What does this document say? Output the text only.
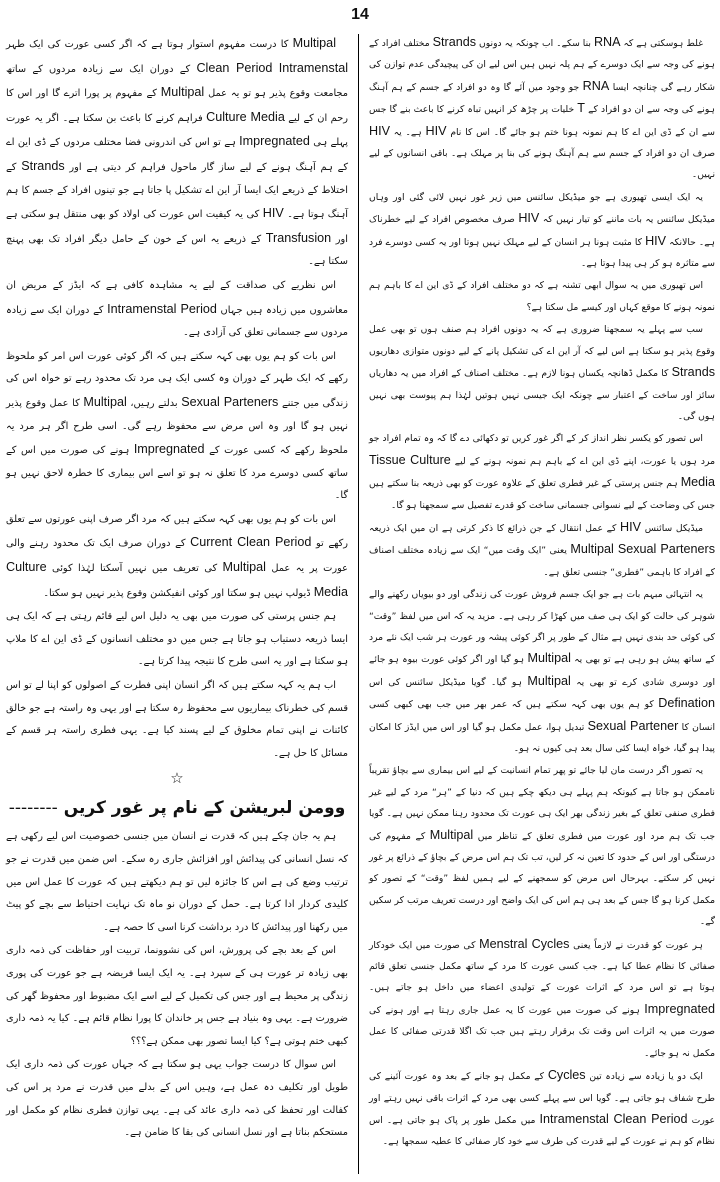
14

غلط ہوسکتی ہے کہ RNA بنا سکے۔ اب چونکہ یہ دونوں Strands مختلف افراد کے ہونے کی وجہ سے ایک دوسرے کے ہم پلہ نہیں ہیں اس لیے ان کی پیچیدگی عدم توازن کی شکار رہے گی چنانچہ ایسا RNA جو وجود میں آئے گا وہ دو افراد کے جسم کے ہم آہنگ ہونے کی وجہ سے ان دو افراد کے T خلیات پر چڑھ کر انہیں تباہ کرنے کا باعث بنے گا جس سے ان کے ڈی این اے کا ہم نمونہ ہونا ختم ہو جائے گا۔ اس کا نام HIV ہے۔ یہ HIV صرف ان دو افراد کے جسم سے ہم آہنگ ہونے کی بنا پر مہلک ہے۔ باقی انسانوں کے لیے نہیں۔

یہ ایک ایسی تھیوری ہے جو میڈیکل سائنس میں زیر غور نہیں لائی گئی اور وہاں میڈیکل سائنس یہ بات ماننے کو تیار نہیں کہ HIV صرف مخصوص افراد کے لیے خطرناک ہے۔ حالانکہ HIV کا مثبت ہونا ہر انسان کے لیے مہلک نہیں ہوتا اور یہ کسی دوسرے فرد سے متاثرہ ہو کر ہی پیدا ہوتا ہے۔

اس تھیوری میں یہ سوال ابھی تشنہ ہے کہ دو مختلف افراد کے ڈی این اے کا باہم ہم نمونہ ہونے کا موقع کہاں اور کیسے مل سکتا ہے؟

سب سے پہلے یہ سمجھنا ضروری ہے کہ یہ دونوں افراد ہم صنف ہوں تو بھی عمل وقوع پذیر ہو سکتا ہے اس لیے کہ آر این اے کی تشکیل پانے کے لیے دونوں متوازی دھاریوں Strands کا مکمل ڈھانچہ یکساں ہونا لازم ہے۔ مختلف اصناف کے افراد میں یہ دھاریاں سائز اور ساخت کے اعتبار سے چونکہ ایک جیسی نہیں ہوتیں لہٰذا ہم پیوست بھی نہیں ہوں گی۔

اس تصور کو یکسر نظر انداز کر کے اگر غور کریں تو دکھائی دے گا کہ وہ تمام افراد جو مرد ہوں یا عورت، اپنے ڈی این اے کے باہم ہم نمونہ ہونے کے لیے Tissue Culture Media ہم جنس پرستی کے غیر فطری تعلق کے علاوہ عورت کو بھی ذریعہ بنا سکتے ہیں جس کی وضاحت کے لیے نسوانی جسمانی ساخت کو قدرے تفصیل سے سمجھنا ہو گا۔

میڈیکل سائنس HIV کے عمل انتقال کے جن ذرائع کا ذکر کرتی ہے ان میں ایک ذریعہ Multipal Sexual Parteners یعنی ”ایک وقت میں“ ایک سے زیادہ مختلف اصناف کے افراد کا باہمی ”فطری“ جنسی تعلق ہے۔

یہ انتہائی مبہم بات ہے جو ایک جسم فروش عورت کی زندگی اور دو بیویاں رکھنے والے شوہر کی حالت کو ایک ہی صف میں کھڑا کر رہی ہے۔ مزید یہ کہ اس میں لفظ ”وقت“ کی کوئی حد بندی نہیں ہے مثال کے طور پر اگر کوئی پیشہ ور عورت ہر شب ایک نئے مرد کے ساتھ پیش ہو رہی ہے تو بھی یہ Multipal ہو گیا اور اگر کوئی عورت بیوہ ہو جائے اور دوسری شادی کرے تو بھی یہ Multipal ہو گیا۔ گویا میڈیکل سائنس کی اس Defination کو ہم یوں بھی کہہ سکتے ہیں کہ عمر بھر میں جب بھی کبھی کسی انسان کا Sexual Partener تبدیل ہوا، عمل مکمل ہو گیا اور اس میں ایڈز کا امکان پیدا ہو گیا، خواہ ایسا کئی سال بعد ہی کیوں نہ ہو۔

یہ تصور اگر درست مان لیا جائے تو پھر تمام انسانیت کے لیے اس بیماری سے بچاؤ تقریباً ناممکن ہو جاتا ہے کیونکہ ہم پہلے ہی دیکھ چکے ہیں کہ دنیا کے ”ہر“ مرد کے لیے غیر فطری صنفی تعلق کے بغیر زندگی بھر ایک ہی عورت تک محدود رہنا ممکن نہیں ہے۔ گویا جب تک ہم مرد اور عورت میں فطری تعلق کے تناظر میں Multipal کے مفہوم کی درستگی اور اس کے حدود کا تعین نہ کر لیں، تب تک ہم اس مرض کے بچاؤ کے ذرائع پر غور نہیں کر سکتے۔ بہرحال اس مرض کو سمجھنے کے لیے ہمیں لفظ ”وقت“ کے تصور کو مکمل کرنا ہو گا جس کے بعد ہی ہم اس کی ایک واضح اور درست تعریف مرتب کر سکیں گے۔

ہر عورت کو قدرت نے لازماً یعنی Menstral Cycles کی صورت میں ایک خودکار صفائی کا نظام عطا کیا ہے۔ جب کسی عورت کا مرد کے ساتھ مکمل جنسی تعلق قائم ہوتا ہے تو اس مرد کے اثرات عورت کے تولیدی اعضاء میں داخل ہو جاتے ہیں۔ Impregnated ہونے کی صورت میں عورت کا یہ عمل جاری رہتا ہے اور ہونے کی صورت میں یہ اثرات اس وقت تک برقرار رہتے ہیں جب تک اگلا قدرتی صفائی کا عمل مکمل نہ ہو جائے۔

ایک دو یا زیادہ سے زیادہ تین Cycles کے مکمل ہو جانے کے بعد وہ عورت آئینے کی طرح شفاف ہو جاتی ہے۔ گویا اس سے پہلے کسی بھی مرد کے اثرات باقی نہیں رہتے اور عورت Intramenstal Clean Period میں مکمل طور پر پاک ہو جاتی ہے۔ اس نظام کو ہم نے عورت کے لیے قدرت کی طرف سے خود کار صفائی کا عطیہ سمجھا ہے۔

Multipal کا درست مفہوم استوار ہوتا ہے کہ اگر کسی عورت کی ایک طہر Intramenstal Clean Period کے دوران ایک سے زیادہ مردوں کے ساتھ مجامعت وقوع پذیر ہو تو یہ عمل Multipal کے مفہوم پر پورا اترے گا اور اس کا رحم ان کے لیے Culture Media فراہم کرنے کا باعث بن سکتا ہے۔ اگر یہ عورت پہلے ہی Impregnated ہے تو اس کی اندرونی فضا مختلف مردوں کے ڈی این اے کے ہم آہنگ ہونے کے لیے ساز گار ماحول فراہم کر دیتی ہے اور Strands کے اختلاط کے ذریعے ایک ایسا آر این اے تشکیل پا جاتا ہے جو تینوں افراد کے جسم کا ہم آہنگ ہوتا ہے۔ HIV کی یہ کیفیت اس عورت کی اولاد کو بھی منتقل ہو سکتی ہے اور Transfusion کے ذریعے یہ اس کے خون کے حامل دیگر افراد تک بھی پہنچ سکتا ہے۔

اس نظریے کی صداقت کے لیے یہ مشاہدہ کافی ہے کہ ایڈز کے مریض ان معاشروں میں زیادہ ہیں جہاں Intramenstal Period کے دوران ایک سے زیادہ مردوں سے جسمانی تعلق کی آزادی ہے۔

اس بات کو ہم یوں بھی کہہ سکتے ہیں کہ اگر کوئی عورت اس امر کو ملحوظ رکھے کہ ایک طہر کے دوران وہ کسی ایک ہی مرد تک محدود رہے تو خواہ اس کی زندگی میں جتنے Sexual Parteners بدلتے رہیں، Multipal کا عمل وقوع پذیر نہیں ہو گا اور وہ اس مرض سے محفوظ رہے گی۔ اسی طرح اگر ہر مرد یہ ملحوظ رکھے کہ کسی عورت کے Impregnated ہونے کی صورت میں اس کے ساتھ کسی دوسرے مرد کا تعلق نہ ہو تو اسے اس بیماری کا خطرہ لاحق نہیں ہو گا۔

اس بات کو ہم یوں بھی کہہ سکتے ہیں کہ مرد اگر صرف اپنی عورتوں سے تعلق رکھے تو Current Clean Period کے دوران صرف ایک تک محدود رہنے والی عورت پر یہ عمل Multipal کی تعریف میں نہیں آسکتا لہٰذا کوئی Culture Media ڈیولپ نہیں ہو سکتا اور کوئی انفیکشن وقوع پذیر نہیں ہو سکتا۔

ہم جنس پرستی کی صورت میں بھی یہ دلیل اس لیے قائم رہتی ہے کہ ایک ہی ایسا ذریعہ دستیاب ہو جاتا ہے جس میں دو مختلف انسانوں کے ڈی این اے کا ملاپ ہو سکتا ہے اور یہ اسی طرح کا نتیجہ پیدا کرتا ہے۔

اب ہم یہ کہہ سکتے ہیں کہ اگر انسان اپنی فطرت کے اصولوں کو اپنا لے تو اس قسم کی خطرناک بیماریوں سے محفوظ رہ سکتا ہے اور یہی وہ راستہ ہے جو خالق کائنات نے اپنی تمام مخلوق کے لیے پسند کیا ہے۔ یہی فطری راستہ ہر قسم کے مسائل کا حل ہے۔

☆
وومن لبریشن کے نام پر غور کریں --------

ہم یہ جان چکے ہیں کہ قدرت نے انسان میں جنسی خصوصیت اس لیے رکھی ہے کہ نسل انسانی کی پیدائش اور افزائش جاری رہ سکے۔ اس ضمن میں قدرت نے جو ترتیب وضع کی ہے اس کا جائزہ لیں تو ہم دیکھتے ہیں کہ عورت کا عمل اس میں کلیدی کردار ادا کرتا ہے۔ حمل کے دوران نو ماہ تک نہایت احتیاط سے بچے کو پیٹ میں رکھنا اور پیدائش کا درد برداشت کرنا اسی کا حصہ ہے۔

اس کے بعد بچے کی پرورش، اس کی نشوونما، تربیت اور حفاظت کی ذمہ داری بھی زیادہ تر عورت ہی کے سپرد ہے۔ یہ ایک ایسا فریضہ ہے جو عورت کی پوری زندگی پر محیط ہے اور جس کی تکمیل کے لیے اسے ایک مضبوط اور محفوظ گھر کی ضرورت ہے۔ یہی وہ بنیاد ہے جس پر خاندان کا پورا نظام قائم ہے۔ کیا یہ ذمہ داری کبھی ختم ہوتی ہے؟ کیا ایسا تصور بھی ممکن ہے؟؟؟

اس سوال کا درست جواب یہی ہو سکتا ہے کہ جہاں عورت کی ذمہ داری ایک طویل اور تکلیف دہ عمل ہے، وہیں اس کے بدلے میں قدرت نے مرد پر اس کی کفالت اور تحفظ کی ذمہ داری عائد کی ہے۔ یہی توازن فطری نظام کو مکمل اور مستحکم بناتا ہے اور نسل انسانی کی بقا کا ضامن ہے۔
